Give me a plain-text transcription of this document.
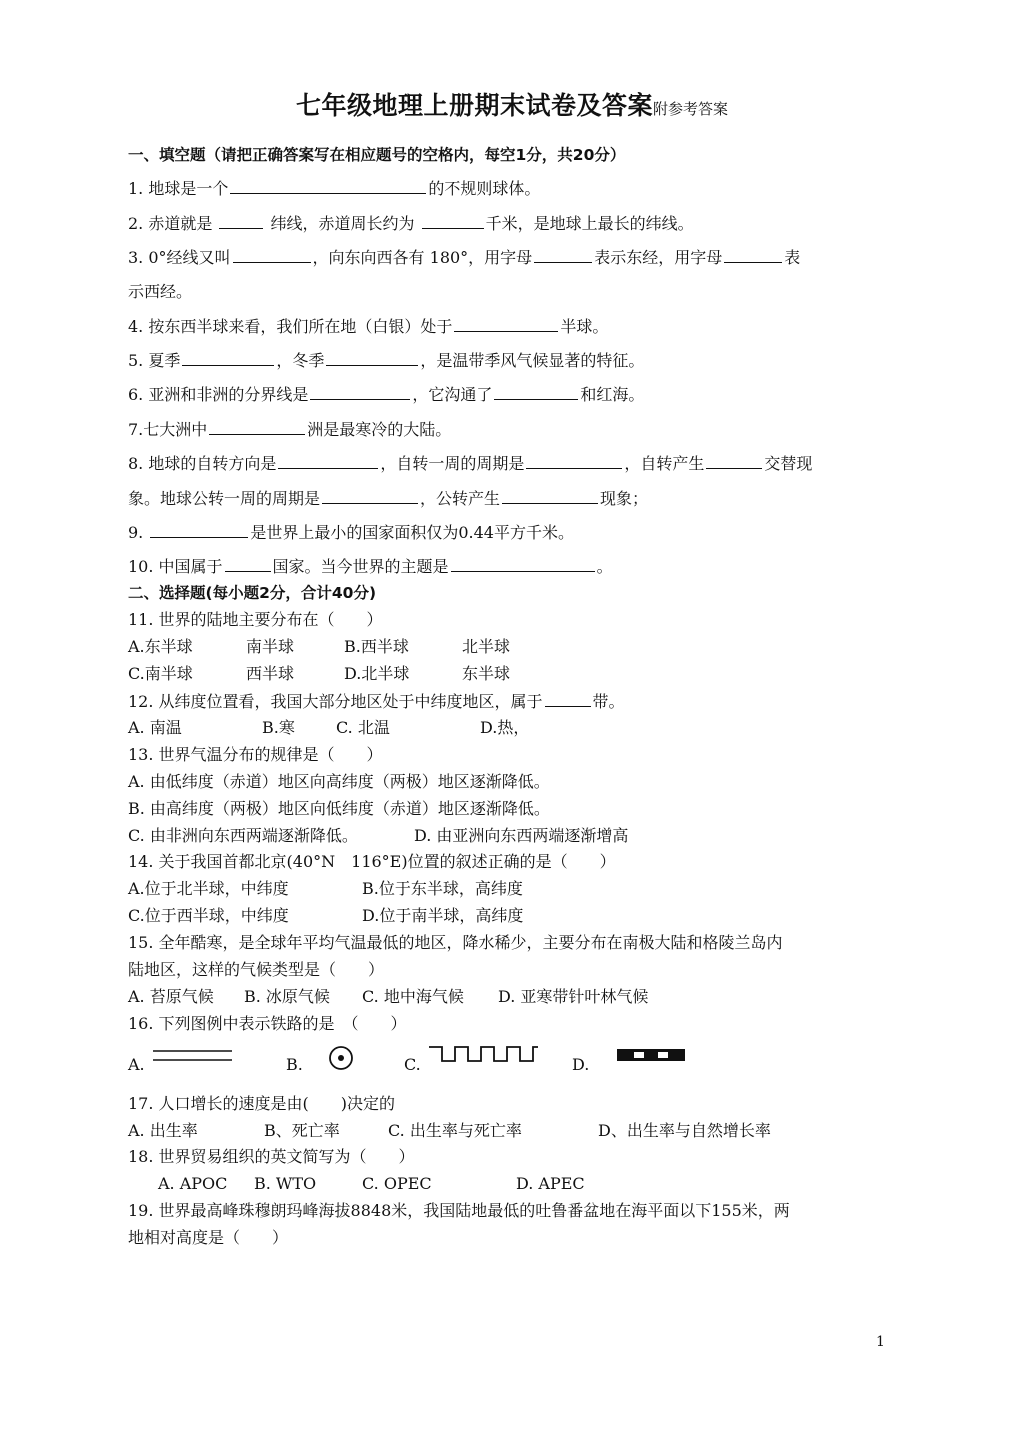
七年级地理上册期末试卷及答案附参考答案
一、填空题（请把正确答案写在相应题号的空格内，每空1分，共20分）
1. 地球是一个	的不规则球体。
2. 赤道就是	纬线，赤道周长约为	千米，是地球上最长的纬线。
3. 0°经线又叫	，向东向西各有 180°，用字母	表示东经，用字母	表
示西经。
4. 按东西半球来看，我们所在地（白银）处于	半球。
5. 夏季	，冬季	，是温带季风气候显著的特征。
6. 亚洲和非洲的分界线是	，它沟通了	和红海。
7.七大洲中	洲是最寒冷的大陆。
8. 地球的自转方向是	，自转一周的周期是	，自转产生	交替现
象。地球公转一周的周期是	，公转产生	现象；
9.	是世界上最小的国家面积仅为0.44平方千米。
10. 中国属于	国家。当今世界的主题是	。
二、选择题(每小题2分，合计40分)
11. 世界的陆地主要分布在（　　）
A.东半球	南半球	B.西半球	北半球
C.南半球	西半球	D.北半球	东半球
12. 从纬度位置看，我国大部分地区处于中纬度地区，属于	带。
A. 南温	B.寒	C. 北温	D.热，
13. 世界气温分布的规律是（　　）
A. 由低纬度（赤道）地区向高纬度（两极）地区逐渐降低。
B. 由高纬度（两极）地区向低纬度（赤道）地区逐渐降低。
C. 由非洲向东西两端逐渐降低。	D. 由亚洲向东西两端逐渐增高
14. 关于我国首都北京(40°N　116°E)位置的叙述正确的是（　　）
A.位于北半球，中纬度	B.位于东半球，高纬度
C.位于西半球，中纬度	D.位于南半球，高纬度
15. 全年酷寒，是全球年平均气温最低的地区，降水稀少，主要分布在南极大陆和格陵兰岛内
陆地区，这样的气候类型是（　　）
A. 苔原气候 B. 冰原气候 C. 地中海气候 D. 亚寒带针叶林气候
16. 下列图例中表示铁路的是　（　　）
A.	B.	C.	D.
17. 人口增长的速度是由(　　)决定的
A. 出生率	B、死亡率	C. 出生率与死亡率	D、出生率与自然增长率
18. 世界贸易组织的英文简写为（　　）
A. APOC B. WTO	C. OPEC	D. APEC
19. 世界最高峰珠穆朗玛峰海拔8848米，我国陆地最低的吐鲁番盆地在海平面以下155米，两
地相对高度是（　　）
1
